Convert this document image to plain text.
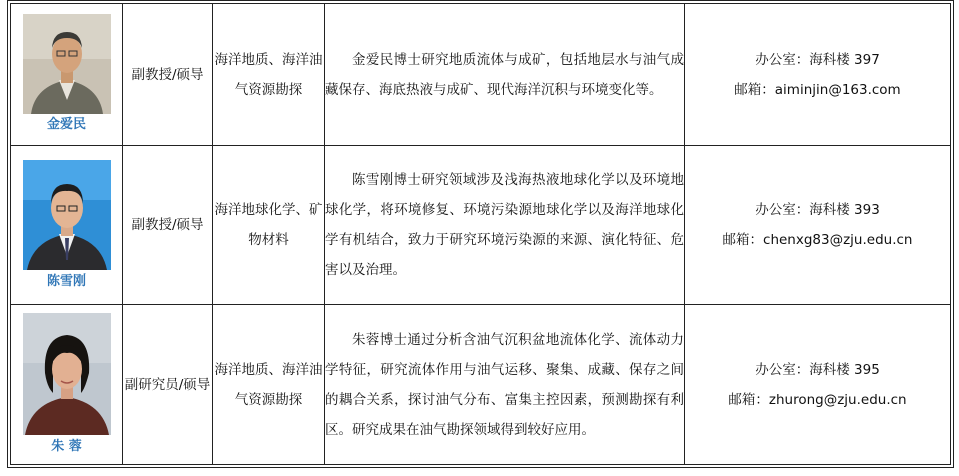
金爱民	副教授/硕导	海洋地质、海洋油气资源勘探	金爱民博士研究地质流体与成矿，包括地层水与油气成藏保存、海底热液与成矿、现代海洋沉积与环境变化等。	办公室：海科楼 397
邮箱：aiminjin@163.com

陈雪刚	副教授/硕导	海洋地球化学、矿物材料	陈雪刚博士研究领域涉及浅海热液地球化学以及环境地球化学，将环境修复、环境污染源地球化学以及海洋地球化学有机结合，致力于研究环境污染源的来源、演化特征、危害以及治理。	办公室：海科楼 393
邮箱：chenxg83@zju.edu.cn

朱 蓉	副研究员/硕导	海洋地质、海洋油气资源勘探	朱蓉博士通过分析含油气沉积盆地流体化学、流体动力学特征，研究流体作用与油气运移、聚集、成藏、保存之间的耦合关系，探讨油气分布、富集主控因素，预测勘探有利区。研究成果在油气勘探领域得到较好应用。	办公室：海科楼 395
邮箱：zhurong@zju.edu.cn
